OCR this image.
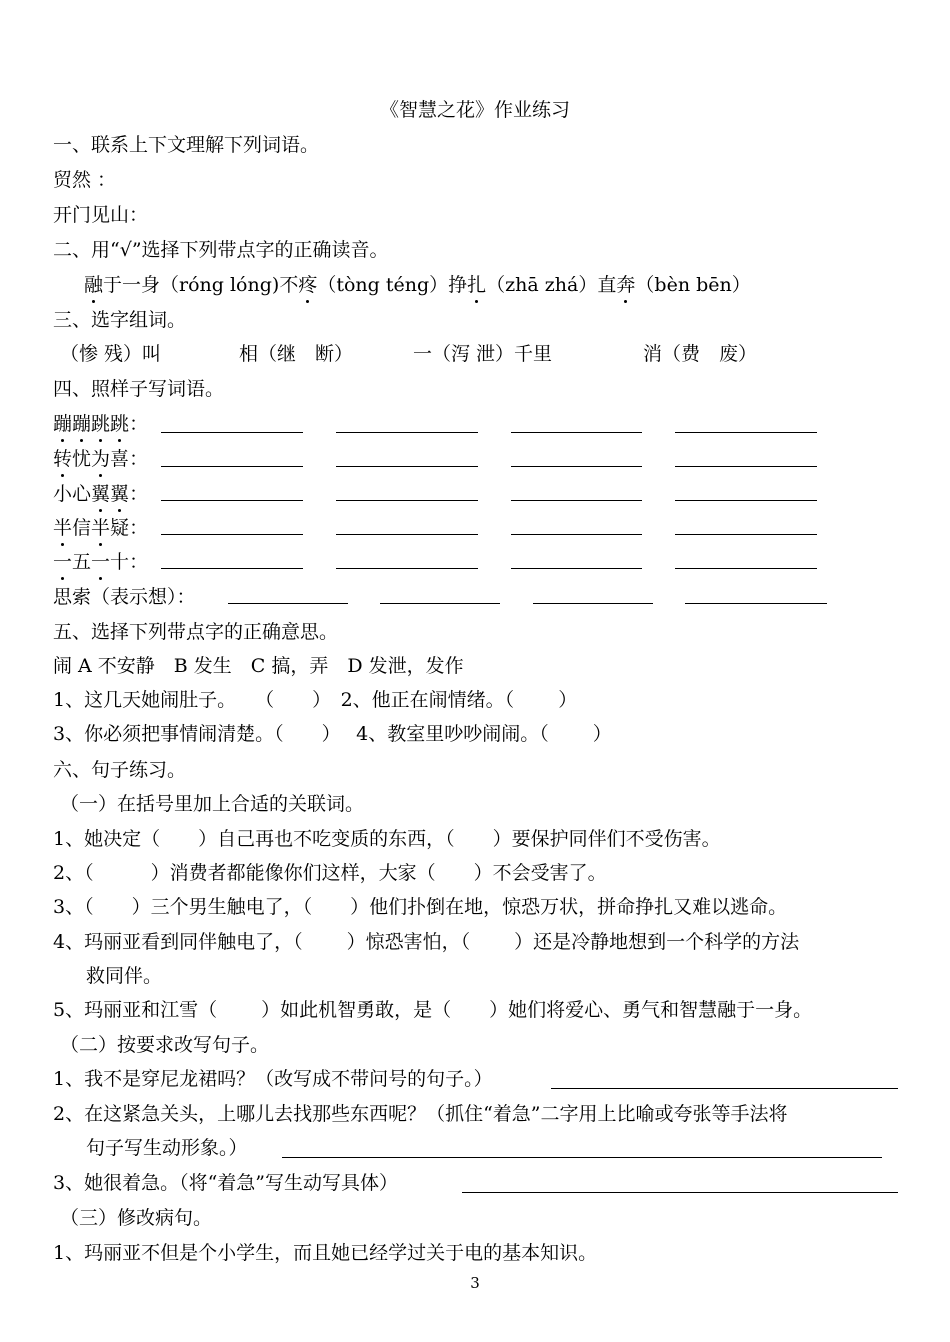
《智慧之花》作业练习
一、联系上下文理解下列词语。
贸然 ：
开门见山：
二、用“√”选择下列带点字的正确读音。
融于一身（róng lóng)不疼（tòng téng）挣扎（zhā zhá）直奔（bèn bēn）
三、选字组词。
（惨 残）叫	相（继　断）	一（泻 泄）千里	消（费　废）
四、照样子写词语。
蹦蹦跳跳：
转忧为喜：
小心翼翼：
半信半疑：
一五一十：
思索（表示想）：
五、选择下列带点字的正确意思。
闹 A 不安静　B 发生　C 搞，弄　D 发泄，发作
1、这几天她闹肚子。　　（　　）　2、他正在闹情绪。（　　 ）
3、你必须把事情闹清楚。（　　）　 4、教室里吵吵闹闹。（　　 ）
六、句子练习。
（一）在括号里加上合适的关联词。
1、她决定（　　）自己再也不吃变质的东西，（　　）要保护同伴们不受伤害。
2、（　　　）消费者都能像你们这样，大家（　　）不会受害了。
3、（　　）三个男生触电了，（　　）他们扑倒在地，惊恐万状，拼命挣扎又难以逃命。
4、玛丽亚看到同伴触电了，（　　 ）惊恐害怕，（　　 ）还是冷静地想到一个科学的方法
救同伴。
5、玛丽亚和江雪（　　 ）如此机智勇敢，是（　　）她们将爱心、勇气和智慧融于一身。
（二）按要求改写句子。
1、我不是穿尼龙裙吗？（改写成不带问号的句子。）
2、在这紧急关头，上哪儿去找那些东西呢？（抓住“着急”二字用上比喻或夸张等手法将
句子写生动形象。）
3、她很着急。（将“着急”写生动写具体）
（三）修改病句。
1、玛丽亚不但是个小学生，而且她已经学过关于电的基本知识。
3
